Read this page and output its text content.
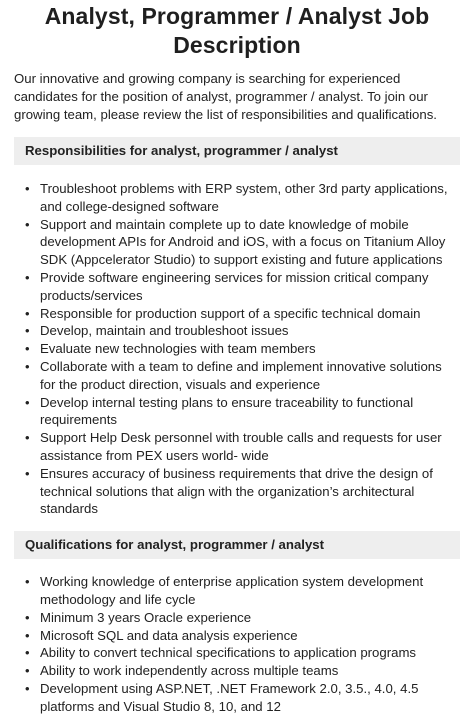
Analyst, Programmer / Analyst Job Description

Our innovative and growing company is searching for experienced candidates for the position of analyst, programmer / analyst. To join our growing team, please review the list of responsibilities and qualifications.

Responsibilities for analyst, programmer / analyst
• Troubleshoot problems with ERP system, other 3rd party applications, and college-designed software
• Support and maintain complete up to date knowledge of mobile development APIs for Android and iOS, with a focus on Titanium Alloy SDK (Appcelerator Studio) to support existing and future applications
• Provide software engineering services for mission critical company products/services
• Responsible for production support of a specific technical domain
• Develop, maintain and troubleshoot issues
• Evaluate new technologies with team members
• Collaborate with a team to define and implement innovative solutions for the product direction, visuals and experience
• Develop internal testing plans to ensure traceability to functional requirements
• Support Help Desk personnel with trouble calls and requests for user assistance from PEX users world- wide
• Ensures accuracy of business requirements that drive the design of technical solutions that align with the organization’s architectural standards
Qualifications for analyst, programmer / analyst
• Working knowledge of enterprise application system development methodology and life cycle
• Minimum 3 years Oracle experience
• Microsoft SQL and data analysis experience
• Ability to convert technical specifications to application programs
• Ability to work independently across multiple teams
• Development using ASP.NET, .NET Framework 2.0, 3.5., 4.0, 4.5 platforms and Visual Studio 8, 10, and 12
